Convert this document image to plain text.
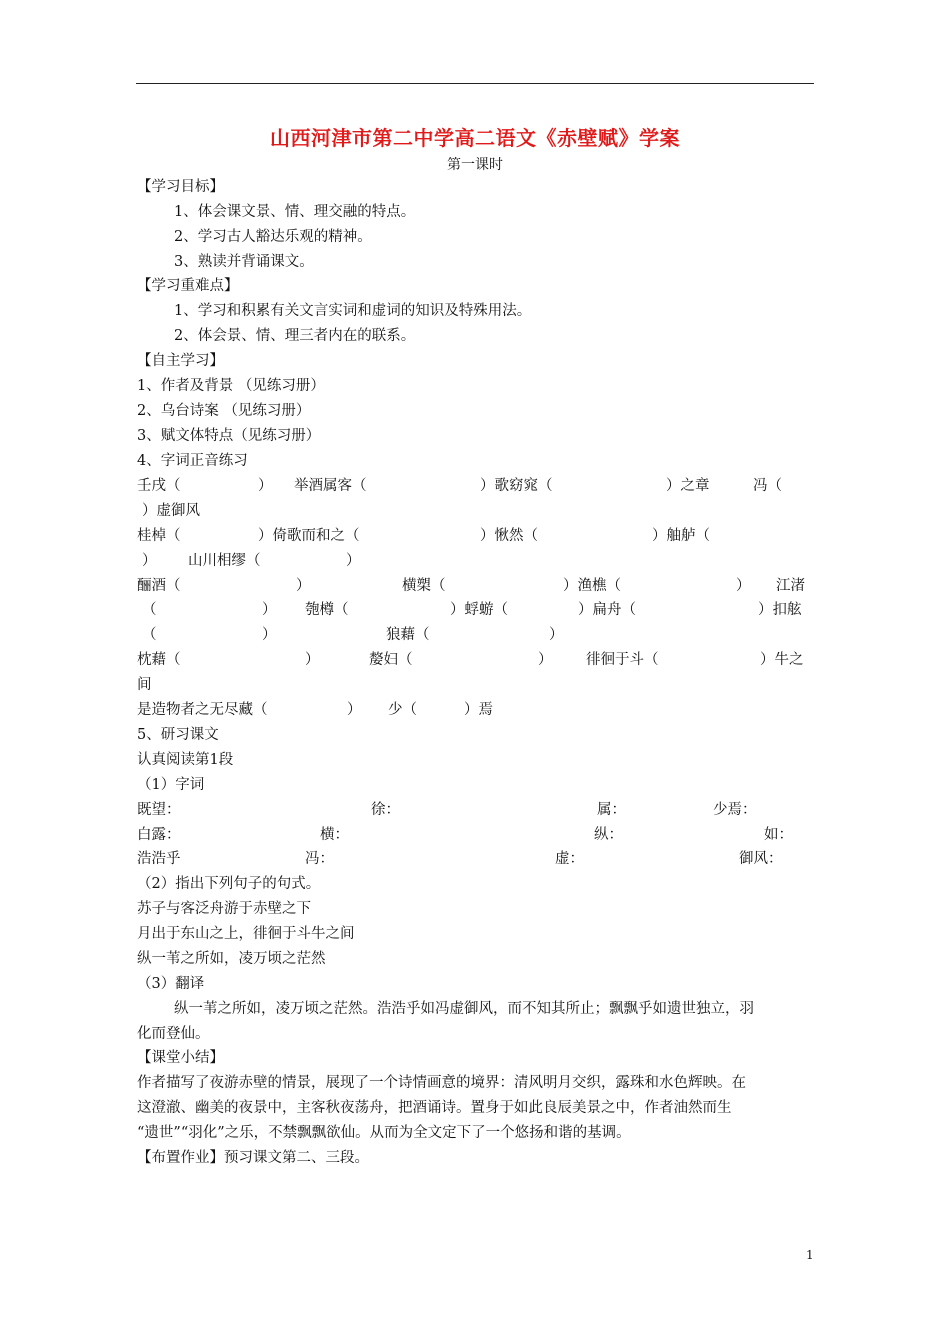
山西河津市第二中学高二语文《赤壁赋》学案
第一课时
【学习目标】
1、体会课文景、情、理交融的特点。
2、学习古人豁达乐观的精神。
3、熟读并背诵课文。
【学习重难点】
1、学习和积累有关文言实词和虚词的知识及特殊用法。
2、体会景、情、理三者内在的联系。
【自主学习】
1、作者及背景 （见练习册）
2、乌台诗案 （见练习册）
3、赋文体特点（见练习册）
4、字词正音练习
壬戌（	） 举酒属客（	）歌窈窕（	）之章	冯（
）虚御风
桂棹（	）倚歌而和之（	）愀然（	）舳舻（
） 山川相缪（	）
酾酒（	）	横槊（	）渔樵（	） 江渚
（	） 匏樽（	）蜉蝣（	）扁舟（	）扣舷
（	）	狼藉（	）
枕藉（	）	嫠妇（	） 徘徊于斗（	）牛之
间
是造物者之无尽藏（	） 少（	）焉
5、研习课文
认真阅读第1段
（1）字词
既望：	徐：	属：	少焉：
白露：	横：	纵：	如：
浩浩乎	冯：	虚：	御风：
（2）指出下列句子的句式。
苏子与客泛舟游于赤壁之下
月出于东山之上，徘徊于斗牛之间
纵一苇之所如，凌万顷之茫然
（3）翻译
纵一苇之所如，凌万顷之茫然。浩浩乎如冯虚御风，而不知其所止；飘飘乎如遗世独立，羽
化而登仙。
【课堂小结】
作者描写了夜游赤壁的情景，展现了一个诗情画意的境界：清风明月交织，露珠和水色辉映。在
这澄澈、幽美的夜景中，主客秋夜荡舟，把酒诵诗。置身于如此良辰美景之中，作者油然而生
“遗世”“羽化”之乐，不禁飘飘欲仙。从而为全文定下了一个悠扬和谐的基调。
【布置作业】预习课文第二、三段。
1
